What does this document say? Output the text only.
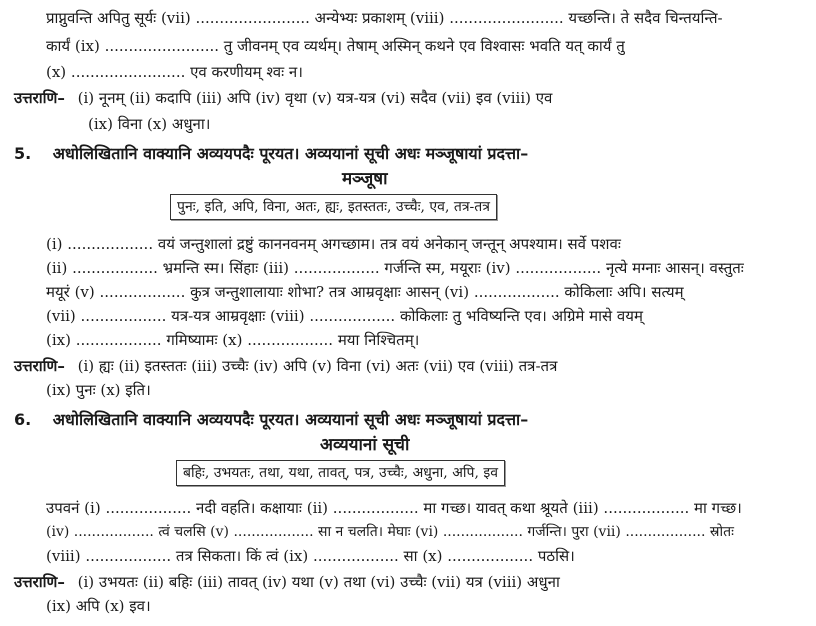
प्राप्नुवन्ति अपितु सूर्यः (vii) ........................ अन्येभ्यः प्रकाशम् (viii) ........................ यच्छन्ति। ते सदैव चिन्तयन्ति-
कार्यं (ix) ........................ तु जीवनम् एव व्यर्थम्। तेषाम् अस्मिन् कथने एव विश्वासः भवति यत् कार्यं तु
(x) ........................ एव करणीयम् श्वः न।
उत्तराणि– (i) नूनम् (ii) कदापि (iii) अपि (iv) वृथा (v) यत्र-यत्र (vi) सदैव (vii) इव (viii) एव
(ix) विना (x) अधुना।
5. अधोलिखितानि वाक्यानि अव्ययपदैः पूरयत। अव्ययानां सूची अधः मञ्जूषायां प्रदत्ता–
मञ्जूषा
पुनः, इति, अपि, विना, अतः, ह्यः, इतस्ततः, उच्चैः, एव, तत्र-तत्र
(i) .................. वयं जन्तुशालां द्रष्टुं काननवनम् अगच्छाम। तत्र वयं अनेकान् जन्तून् अपश्याम। सर्वे पशवः
(ii) .................. भ्रमन्ति स्म। सिंहाः (iii) .................. गर्जन्ति स्म, मयूराः (iv) .................. नृत्ये मग्नाः आसन्। वस्तुतः
मयूरं (v) .................. कुत्र जन्तुशालायाः शोभा? तत्र आम्रवृक्षाः आसन् (vi) .................. कोकिलाः अपि। सत्यम्
(vii) .................. यत्र-यत्र आम्रवृक्षाः (viii) .................. कोकिलाः तु भविष्यन्ति एव। अग्रिमे मासे वयम्
(ix) .................. गमिष्यामः (x) .................. मया निश्चितम्।
उत्तराणि– (i) ह्यः (ii) इतस्ततः (iii) उच्चैः (iv) अपि (v) विना (vi) अतः (vii) एव (viii) तत्र-तत्र
(ix) पुनः (x) इति।
6. अधोलिखितानि वाक्यानि अव्ययपदैः पूरयत। अव्ययानां सूची अधः मञ्जूषायां प्रदत्ता–
अव्ययानां सूची
बहिः, उभयतः, तथा, यथा, तावत्, पत्र, उच्चैः, अधुना, अपि, इव
उपवनं (i) .................. नदी वहति। कक्षायाः (ii) .................. मा गच्छ। यावत् कथा श्रूयते (iii) .................. मा गच्छ।
(iv) .................. त्वं चलसि (v) .................. सा न चलति। मेघाः (vi) .................. गर्जन्ति। पुरा (vii) .................. स्रोतः
(viii) .................. तत्र सिकता। किं त्वं (ix) .................. सा (x) .................. पठसि।
उत्तराणि– (i) उभयतः (ii) बहिः (iii) तावत् (iv) यथा (v) तथा (vi) उच्चैः (vii) यत्र (viii) अधुना
(ix) अपि (x) इव।
